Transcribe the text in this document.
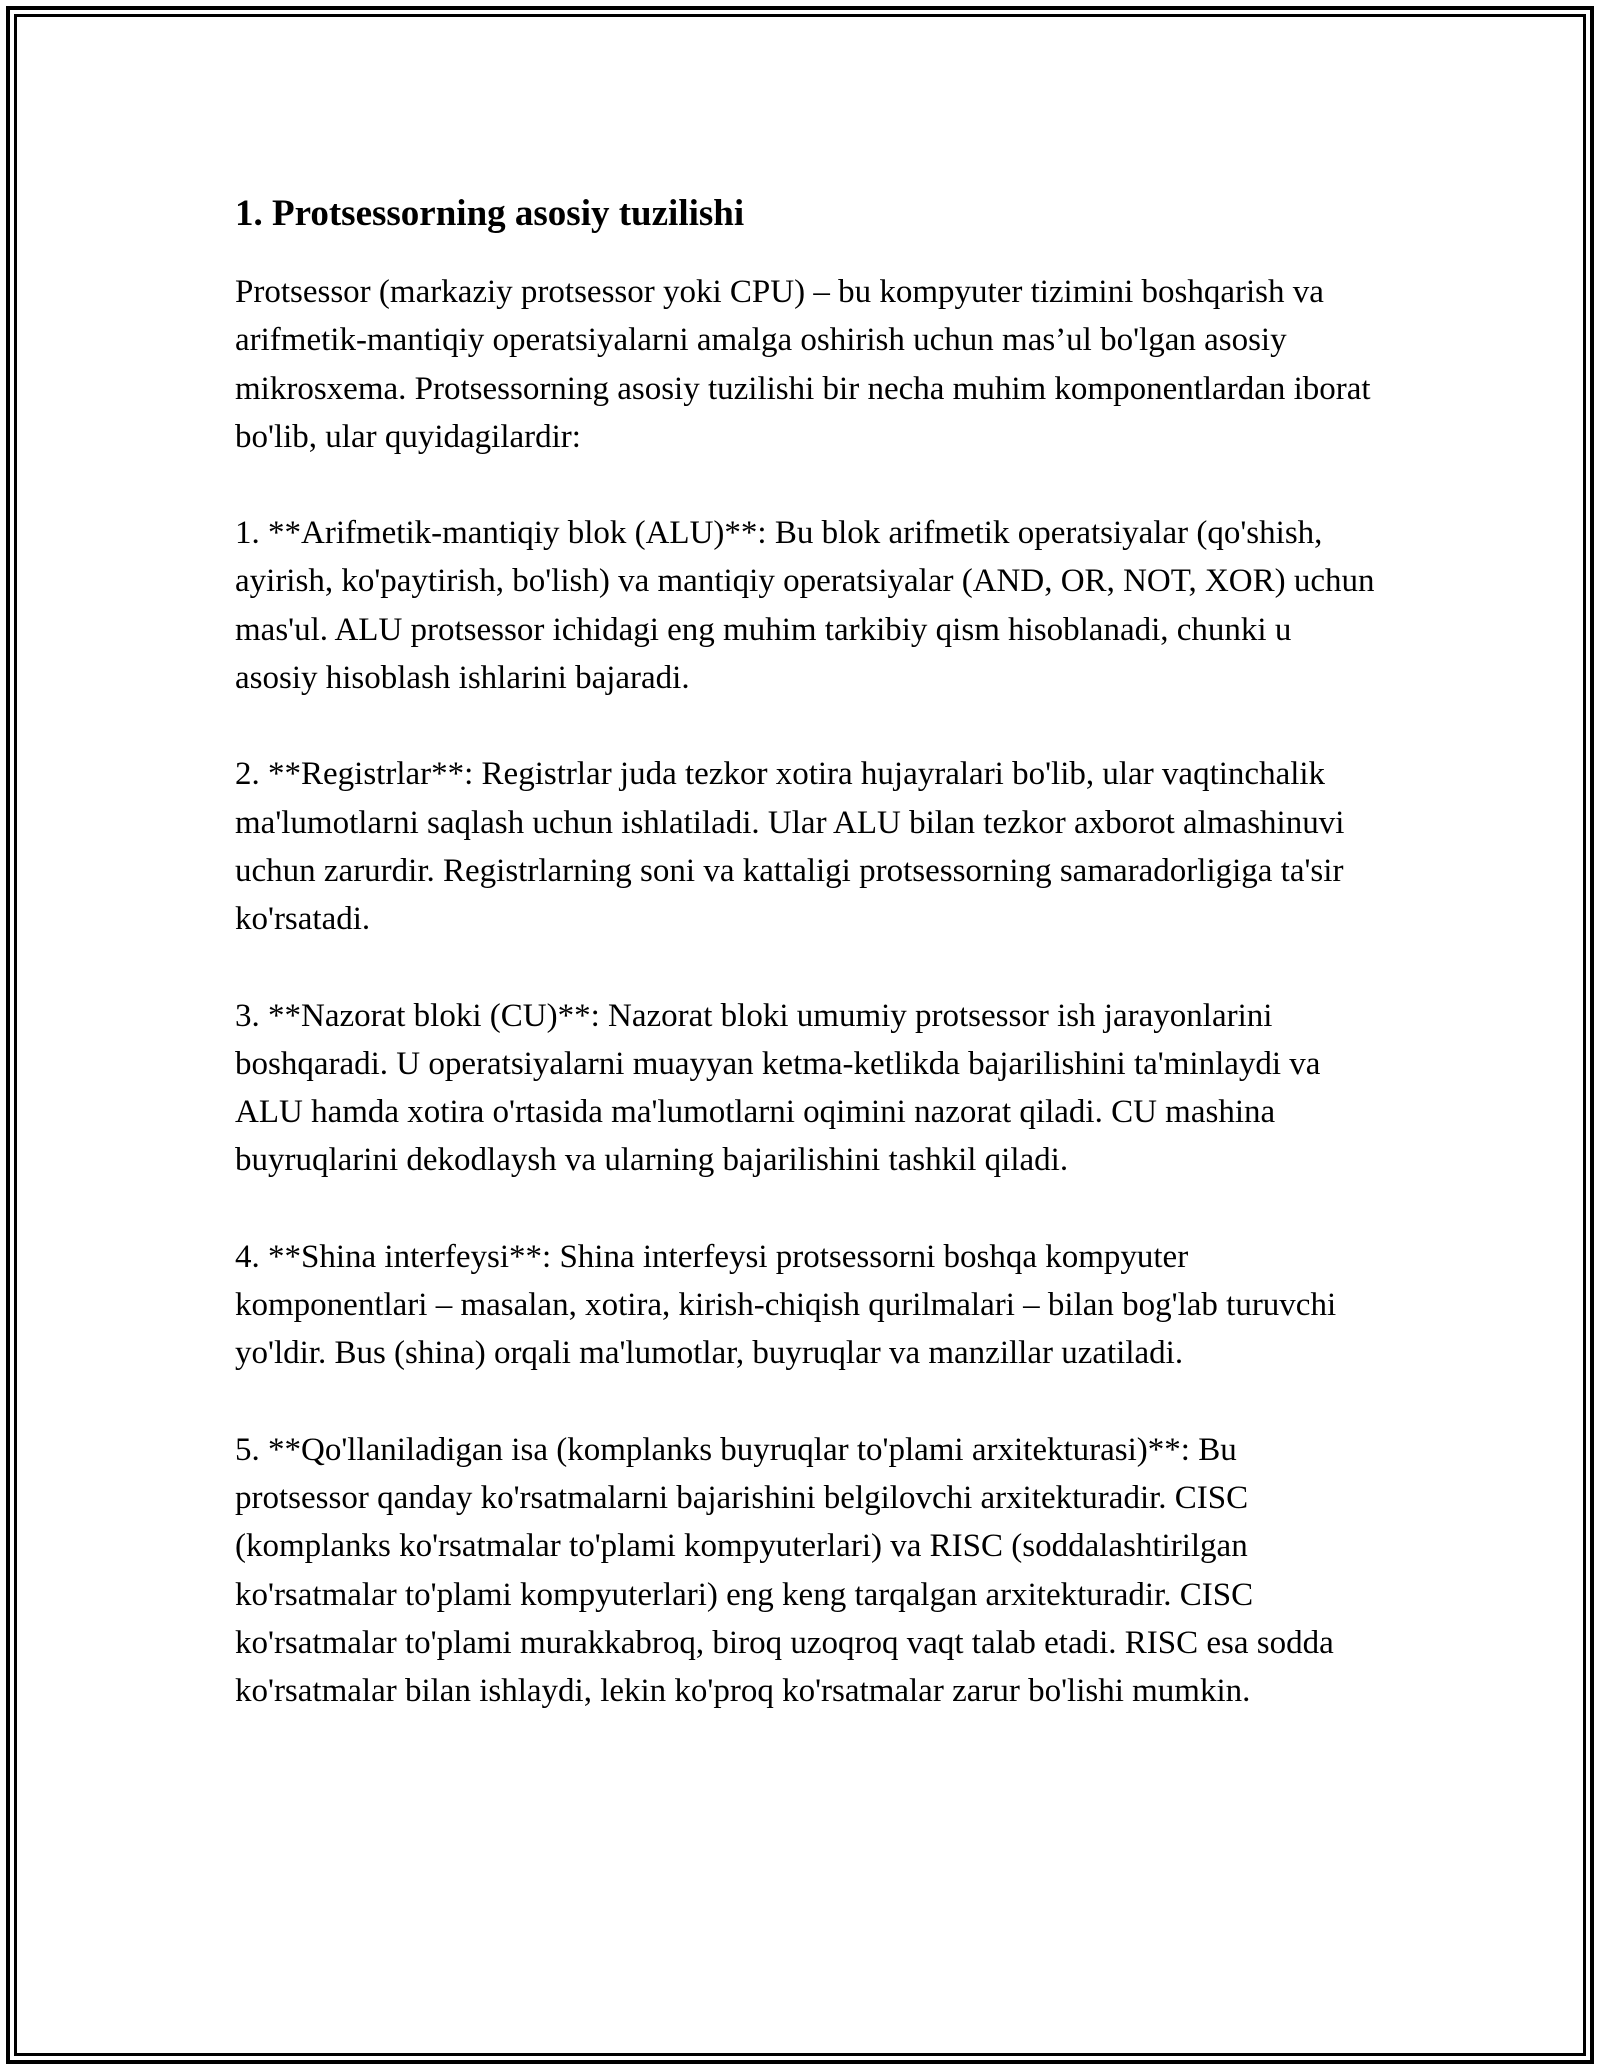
1. Protsessorning asosiy tuzilishi

Protsessor (markaziy protsessor yoki CPU) – bu kompyuter tizimini boshqarish va arifmetik-mantiqiy operatsiyalarni amalga oshirish uchun mas’ul bo'lgan asosiy mikrosxema. Protsessorning asosiy tuzilishi bir necha muhim komponentlardan iborat bo'lib, ular quyidagilardir:

1. **Arifmetik-mantiqiy blok (ALU)**: Bu blok arifmetik operatsiyalar (qo'shish, ayirish, ko'paytirish, bo'lish) va mantiqiy operatsiyalar (AND, OR, NOT, XOR) uchun mas'ul. ALU protsessor ichidagi eng muhim tarkibiy qism hisoblanadi, chunki u asosiy hisoblash ishlarini bajaradi.

2. **Registrlar**: Registrlar juda tezkor xotira hujayralari bo'lib, ular vaqtinchalik ma'lumotlarni saqlash uchun ishlatiladi. Ular ALU bilan tezkor axborot almashinuvi uchun zarurdir. Registrlarning soni va kattaligi protsessorning samaradorligiga ta'sir ko'rsatadi.

3. **Nazorat bloki (CU)**: Nazorat bloki umumiy protsessor ish jarayonlarini boshqaradi. U operatsiyalarni muayyan ketma-ketlikda bajarilishini ta'minlaydi va ALU hamda xotira o'rtasida ma'lumotlarni oqimini nazorat qiladi. CU mashina buyruqlarini dekodlaysh va ularning bajarilishini tashkil qiladi.

4. **Shina interfeysi**: Shina interfeysi protsessorni boshqa kompyuter komponentlari – masalan, xotira, kirish-chiqish qurilmalari – bilan bog'lab turuvchi yo'ldir. Bus (shina) orqali ma'lumotlar, buyruqlar va manzillar uzatiladi.

5. **Qo'llaniladigan isa (komplanks buyruqlar to'plami arxitekturasi)**: Bu protsessor qanday ko'rsatmalarni bajarishini belgilovchi arxitekturadir. CISC (komplanks ko'rsatmalar to'plami kompyuterlari) va RISC (soddalashtirilgan ko'rsatmalar to'plami kompyuterlari) eng keng tarqalgan arxitekturadir. CISC ko'rsatmalar to'plami murakkabroq, biroq uzoqroq vaqt talab etadi. RISC esa sodda ko'rsatmalar bilan ishlaydi, lekin ko'proq ko'rsatmalar zarur bo'lishi mumkin.
